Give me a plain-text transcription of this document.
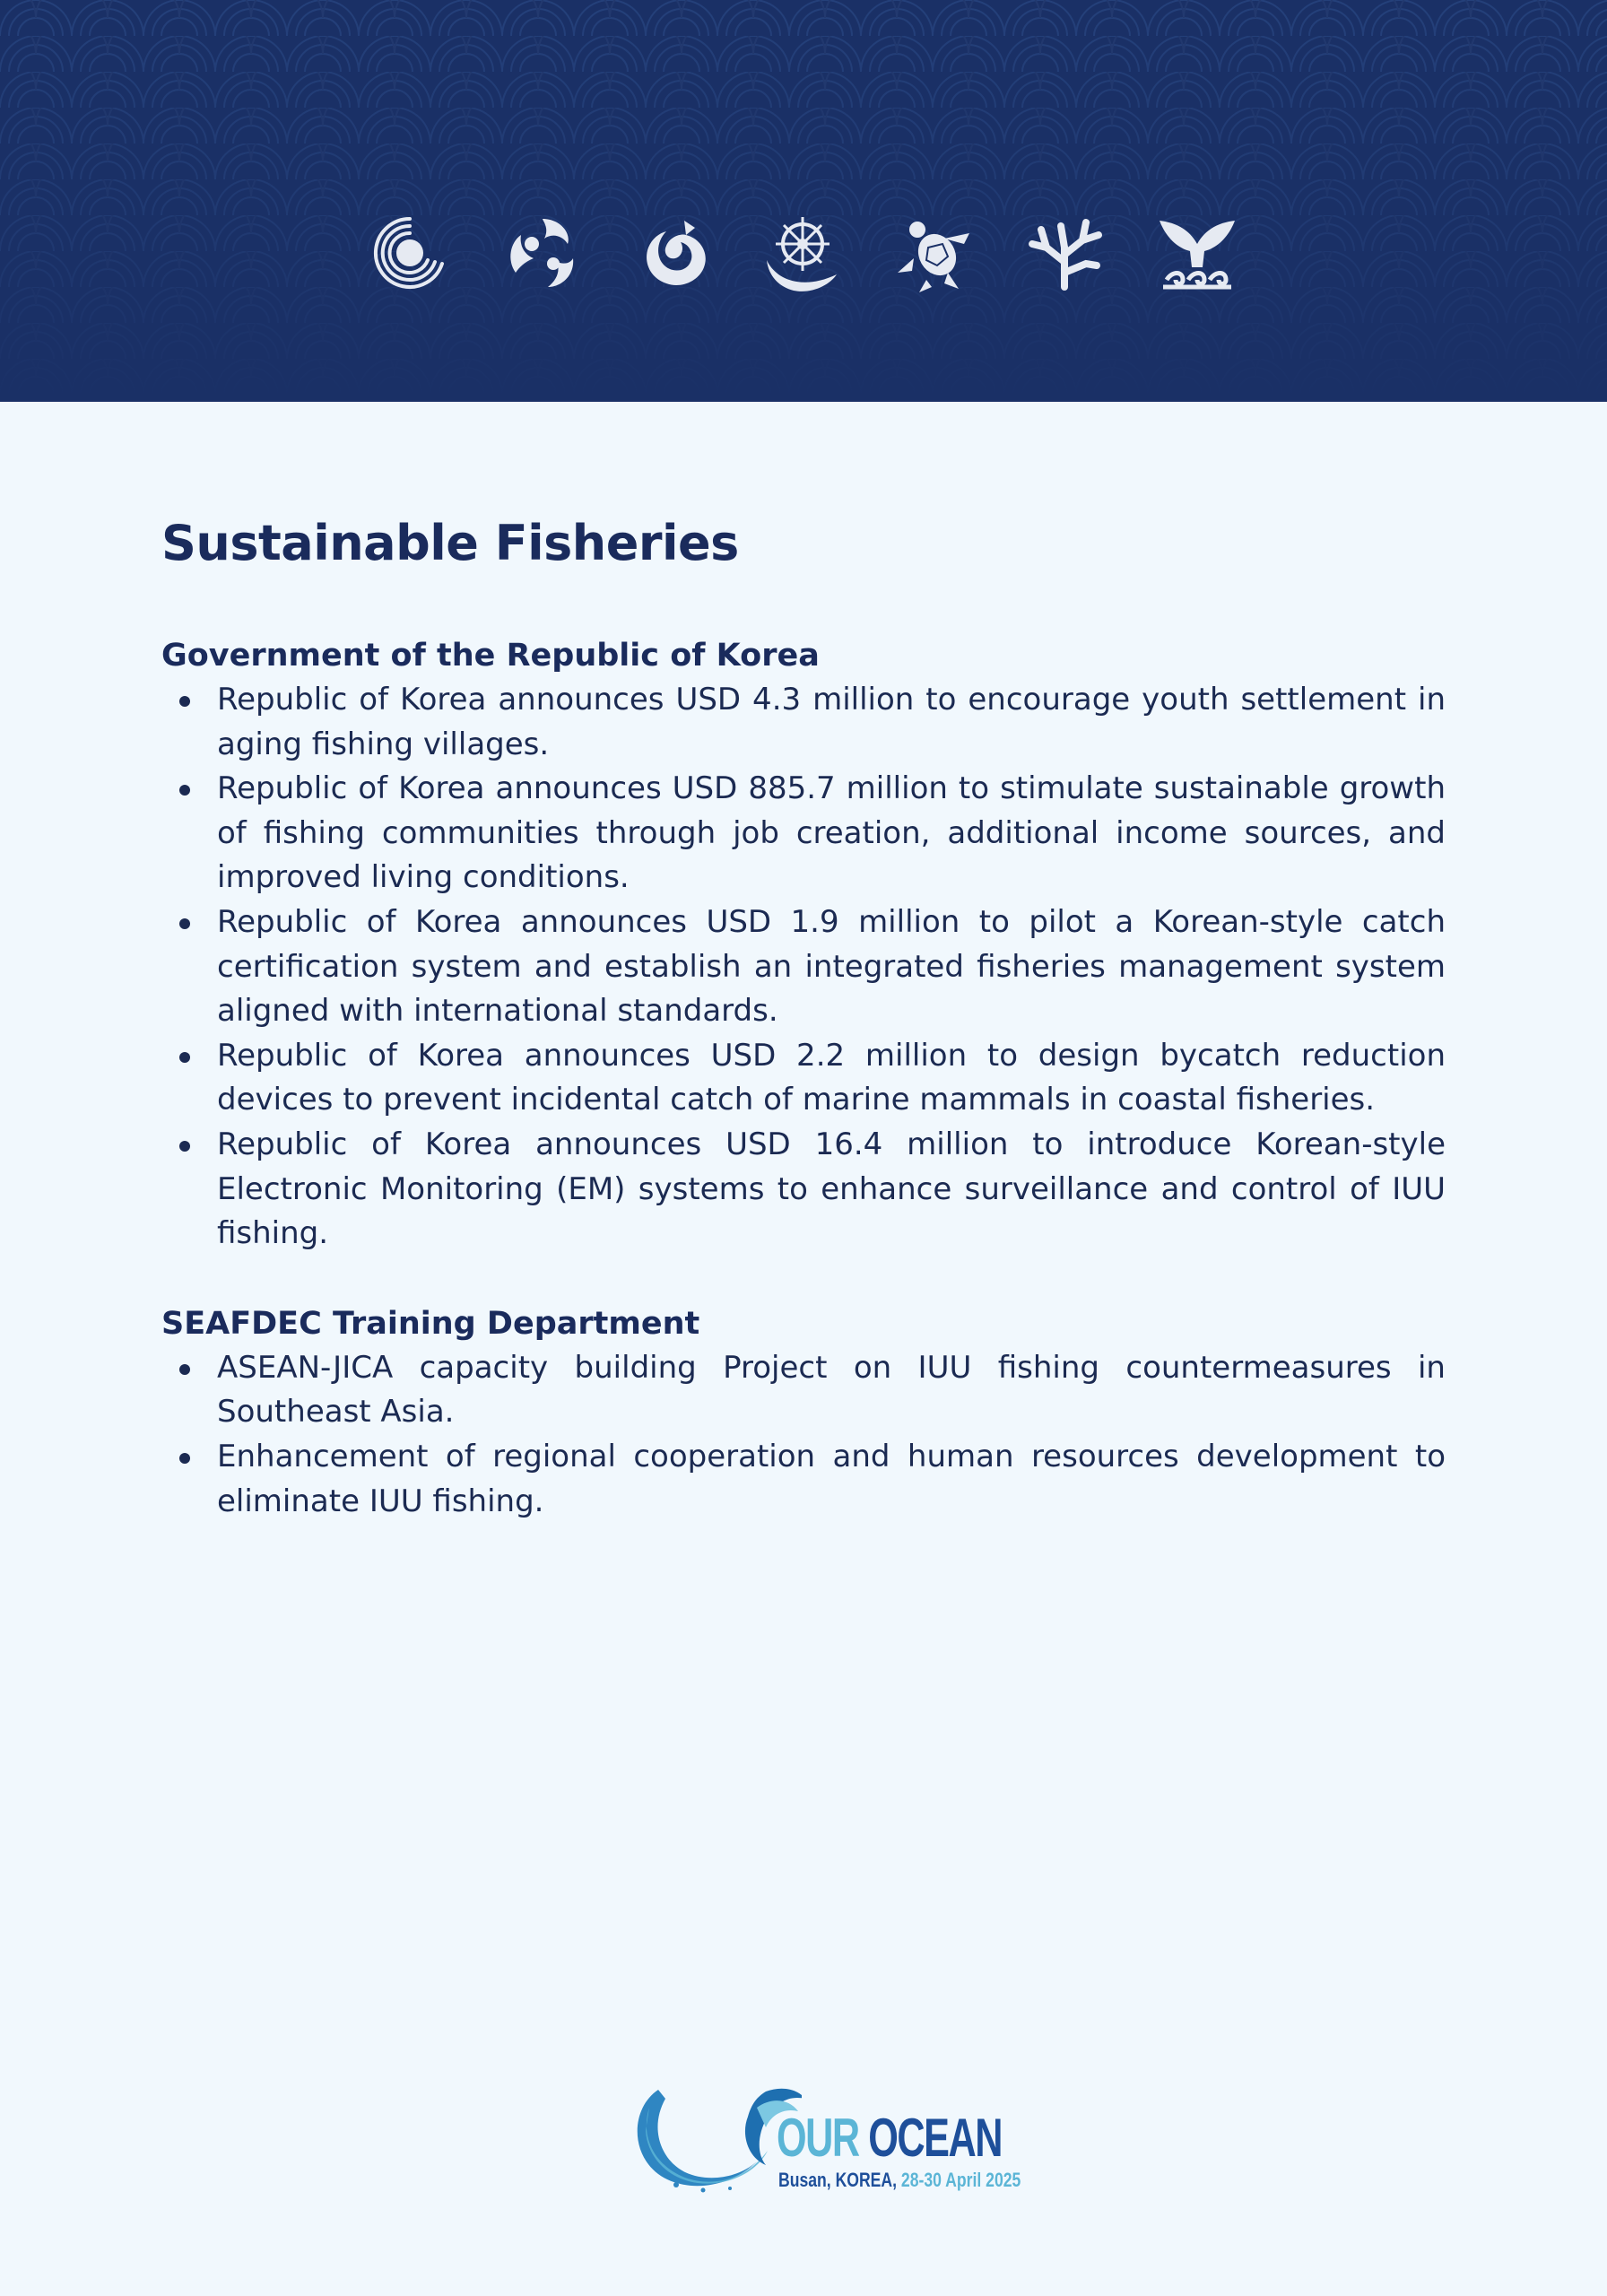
Sustainable Fisheries
Government of the Republic of Korea
Republic of Korea announces USD 4.3 million to encourage youth settlement in aging fishing villages.
Republic of Korea announces USD 885.7 million to stimulate sustainable growth of fishing communities through job creation, additional income sources, and improved living conditions.
Republic of Korea announces USD 1.9 million to pilot a Korean-style catch certification system and establish an integrated fisheries management system aligned with international standards.
Republic of Korea announces USD 2.2 million to design bycatch reduction devices to prevent incidental catch of marine mammals in coastal fisheries.
Republic of Korea announces USD 16.4 million to introduce Korean-style Electronic Monitoring (EM) systems to enhance surveillance and control of IUU fishing.
SEAFDEC Training Department
ASEAN-JICA capacity building Project on IUU fishing countermeasures in Southeast Asia.
Enhancement of regional cooperation and human resources development to eliminate IUU fishing.
OUR OCEAN
Busan, KOREA, 28-30 April 2025
